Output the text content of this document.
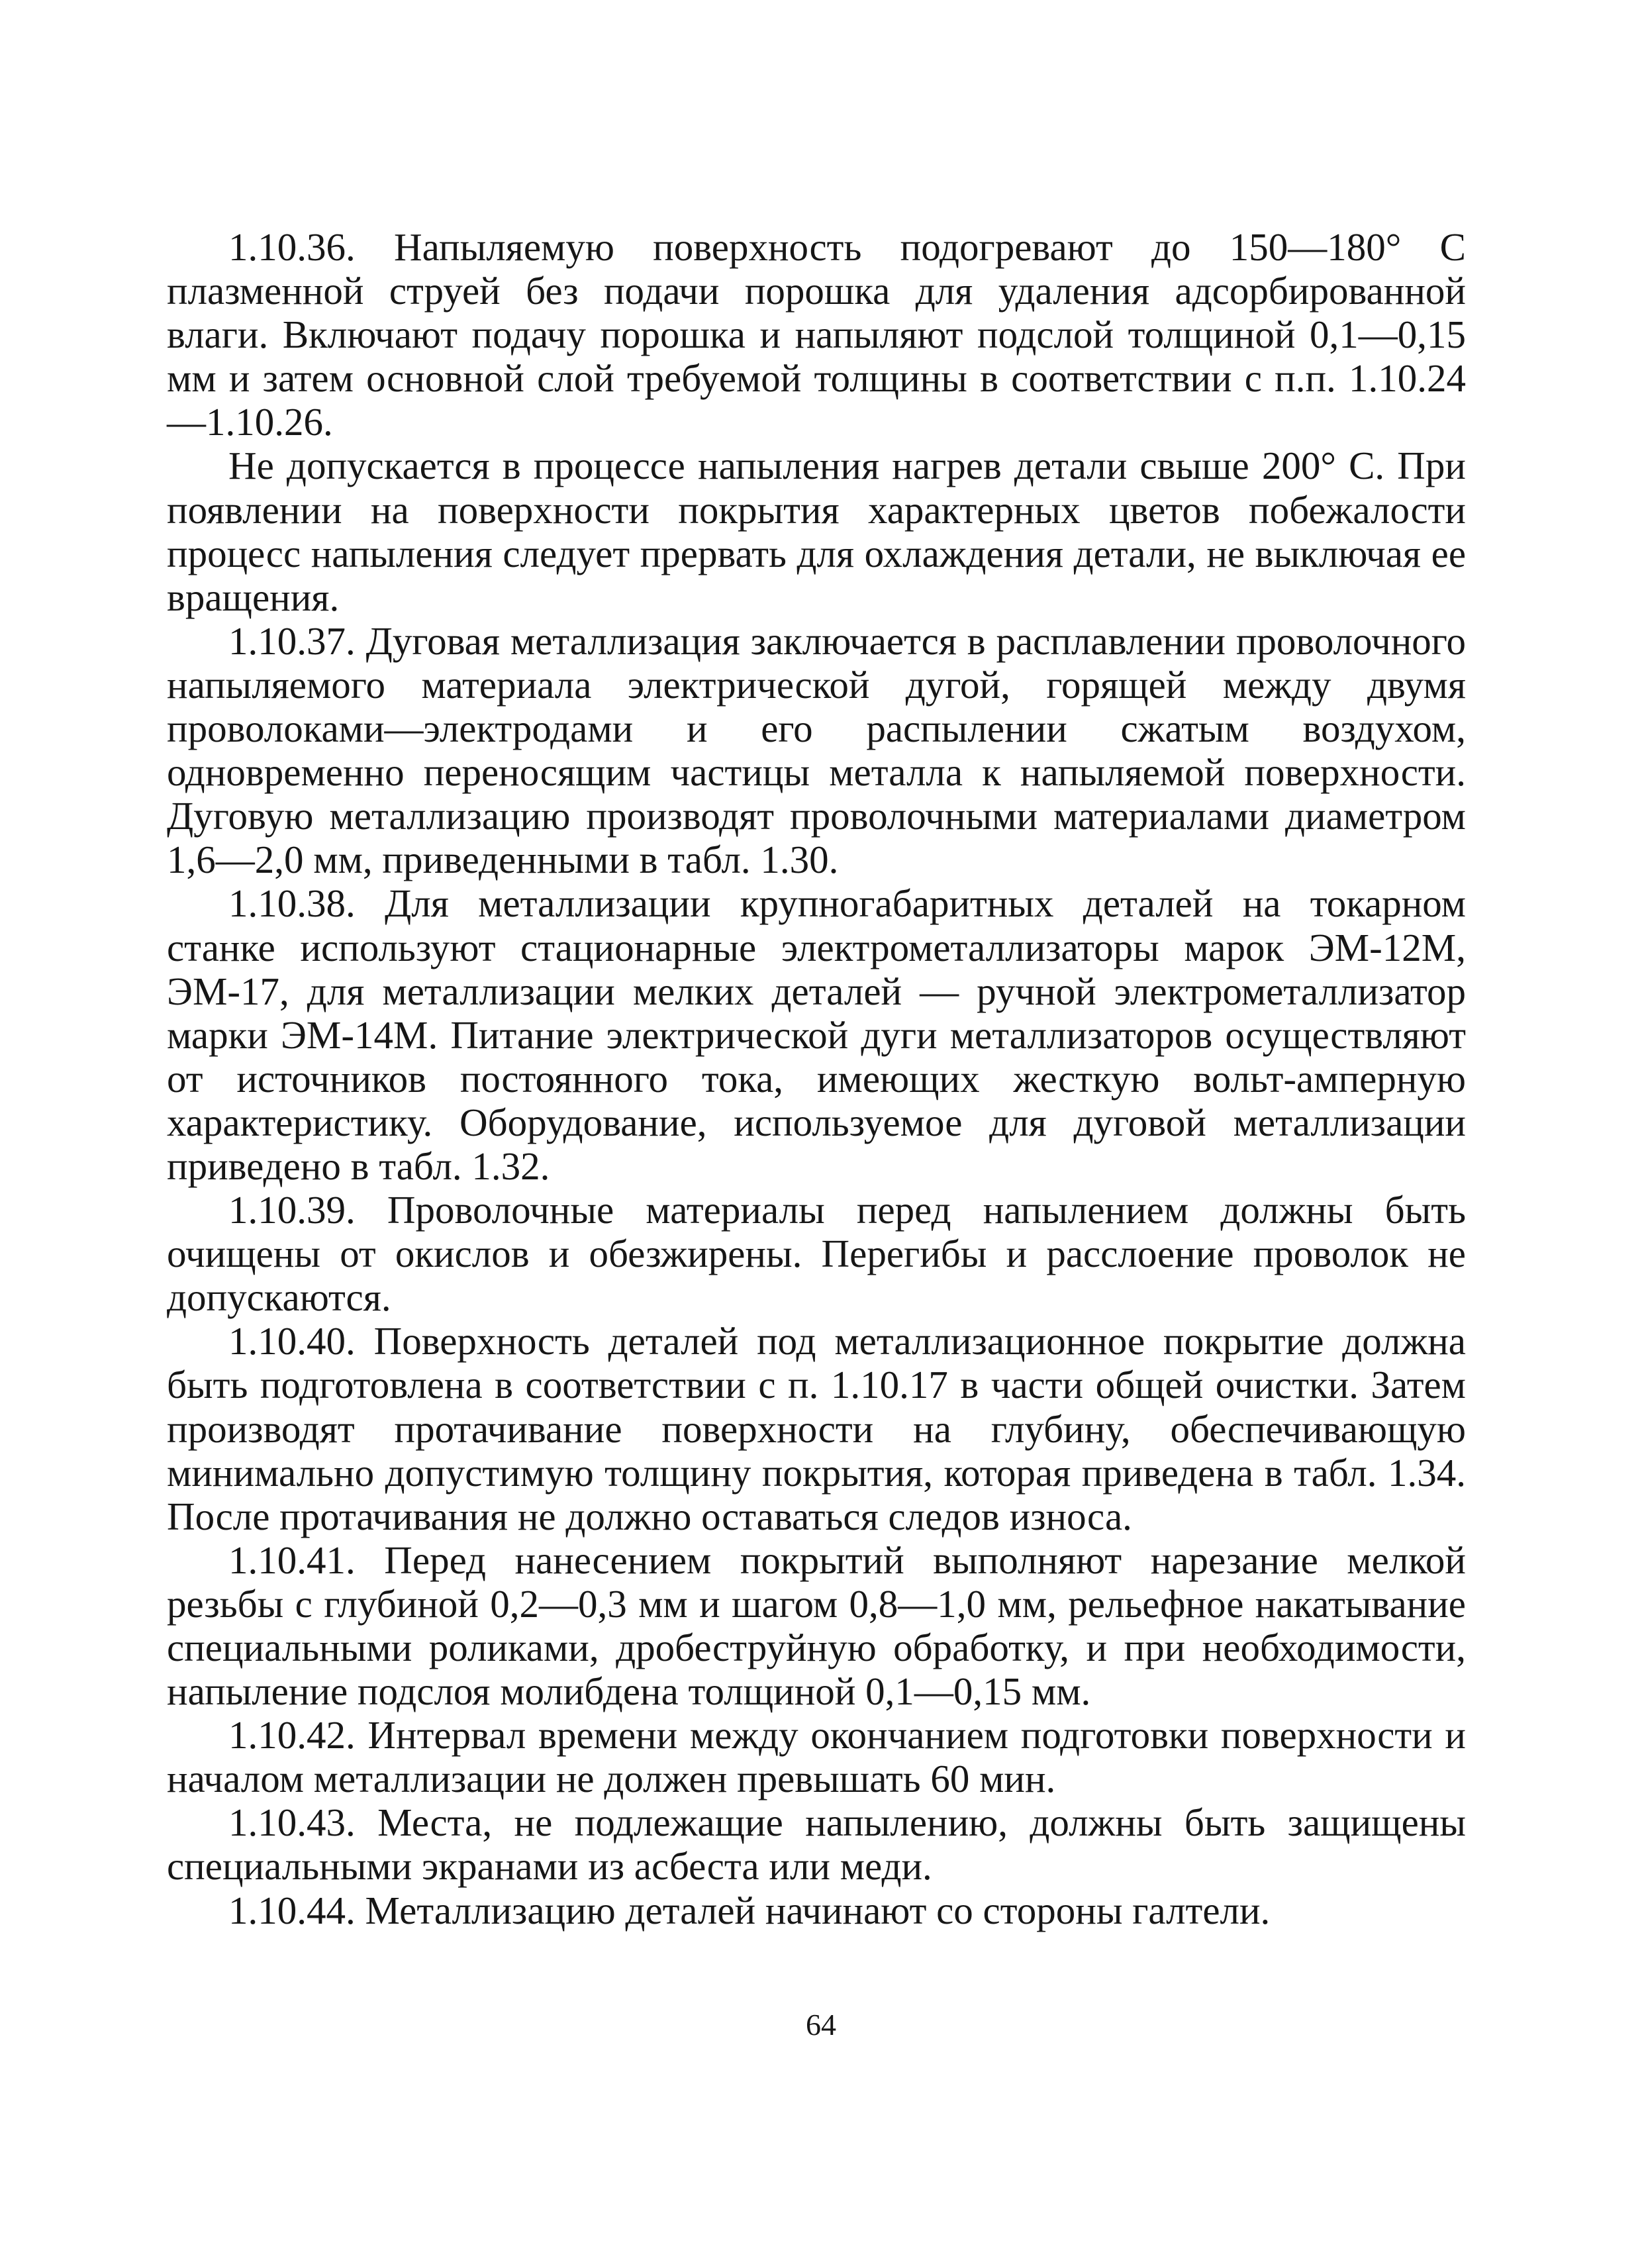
1.10.36. Напыляемую поверхность подогревают до 150—180° С плазменной струей без подачи порошка для удаления адсорбированной влаги. Включают подачу порошка и напыляют подслой толщиной 0,1—0,15 мм и затем основной слой требуемой толщины в соответствии с п.п. 1.10.24—1.10.26.

Не допускается в процессе напыления нагрев детали свыше 200° С. При появлении на поверхности покрытия характерных цветов побежалости процесс напыления следует прервать для охлаждения детали, не выключая ее вращения.

1.10.37. Дуговая металлизация заключается в расплавлении проволочного напыляемого материала электрической дугой, горящей между двумя проволоками—электродами и его распылении сжатым воздухом, одновременно переносящим частицы металла к напыляемой поверхности. Дуговую металлизацию производят проволочными материалами диаметром 1,6—2,0 мм, приведенными в табл. 1.30.

1.10.38. Для металлизации крупногабаритных деталей на токарном станке используют стационарные электрометаллизаторы марок ЭМ-12М, ЭМ-17, для металлизации мелких деталей — ручной электрометаллизатор марки ЭМ-14М. Питание электрической дуги металлизаторов осуществляют от источников постоянного тока, имеющих жесткую вольт-амперную характеристику. Оборудование, используемое для дуговой металлизации приведено в табл. 1.32.

1.10.39. Проволочные материалы перед напылением должны быть очищены от окислов и обезжирены. Перегибы и расслоение проволок не допускаются.

1.10.40. Поверхность деталей под металлизационное покрытие должна быть подготовлена в соответствии с п. 1.10.17 в части общей очистки. Затем производят протачивание поверхности на глубину, обеспечивающую минимально допустимую толщину покрытия, которая приведена в табл. 1.34. После протачивания не должно оставаться следов износа.

1.10.41. Перед нанесением покрытий выполняют нарезание мелкой резьбы с глубиной 0,2—0,3 мм и шагом 0,8—1,0 мм, рельефное накатывание специальными роликами, дробеструйную обработку, и при необходимости, напыление подслоя молибдена толщиной 0,1—0,15 мм.

1.10.42. Интервал времени между окончанием подготовки поверхности и началом металлизации не должен превышать 60 мин.

1.10.43. Места, не подлежащие напылению, должны быть защищены специальными экранами из асбеста или меди.

1.10.44. Металлизацию деталей начинают со стороны галтели.

64
